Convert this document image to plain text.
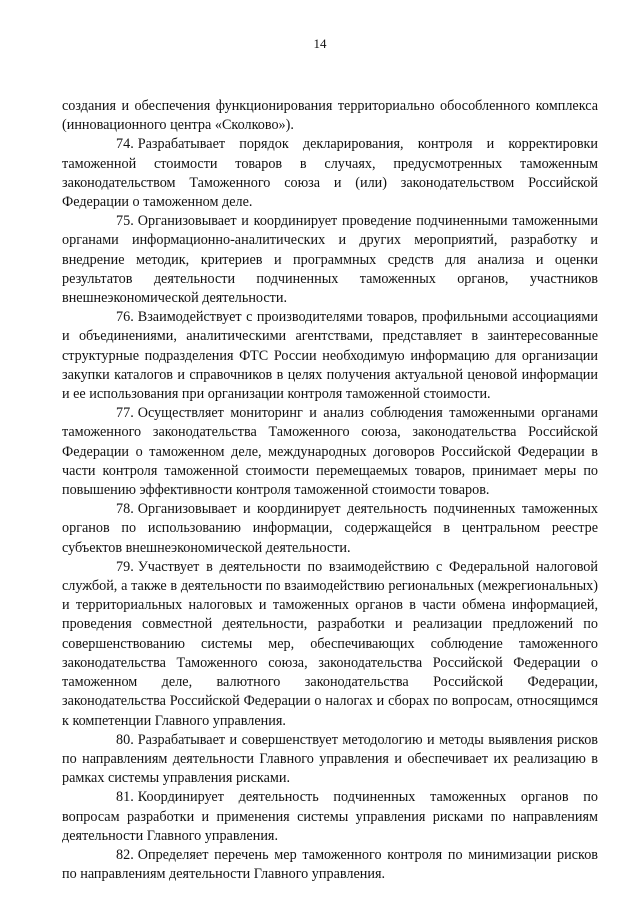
14

создания и обеспечения функционирования территориально обособленного комплекса (инновационного центра «Сколково»).

74. Разрабатывает порядок декларирования, контроля и корректировки таможенной стоимости товаров в случаях, предусмотренных таможенным законодательством Таможенного союза и (или) законодательством Российской Федерации о таможенном деле.

75. Организовывает и координирует проведение подчиненными таможенными органами информационно-аналитических и других мероприятий, разработку и внедрение методик, критериев и программных средств для анализа и оценки результатов деятельности подчиненных таможенных органов, участников внешнеэкономической деятельности.

76. Взаимодействует с производителями товаров, профильными ассоциациями и объединениями, аналитическими агентствами, представляет в заинтересованные структурные подразделения ФТС России необходимую информацию для организации закупки каталогов и справочников в целях получения актуальной ценовой информации и ее использования при организации контроля таможенной стоимости.

77. Осуществляет мониторинг и анализ соблюдения таможенными органами таможенного законодательства Таможенного союза, законодательства Российской Федерации о таможенном деле, международных договоров Российской Федерации в части контроля таможенной стоимости перемещаемых товаров, принимает меры по повышению эффективности контроля таможенной стоимости товаров.

78. Организовывает и координирует деятельность подчиненных таможенных органов по использованию информации, содержащейся в центральном реестре субъектов внешнеэкономической деятельности.

79. Участвует в деятельности по взаимодействию с Федеральной налоговой службой, а также в деятельности по взаимодействию региональных (межрегиональных) и территориальных налоговых и таможенных органов в части обмена информацией, проведения совместной деятельности, разработки и реализации предложений по совершенствованию системы мер, обеспечивающих соблюдение таможенного законодательства Таможенного союза, законодательства Российской Федерации о таможенном деле, валютного законодательства Российской Федерации, законодательства Российской Федерации о налогах и сборах по вопросам, относящимся к компетенции Главного управления.

80. Разрабатывает и совершенствует методологию и методы выявления рисков по направлениям деятельности Главного управления и обеспечивает их реализацию в рамках системы управления рисками.

81. Координирует деятельность подчиненных таможенных органов по вопросам разработки и применения системы управления рисками по направлениям деятельности Главного управления.

82. Определяет перечень мер таможенного контроля по минимизации рисков по направлениям деятельности Главного управления.
